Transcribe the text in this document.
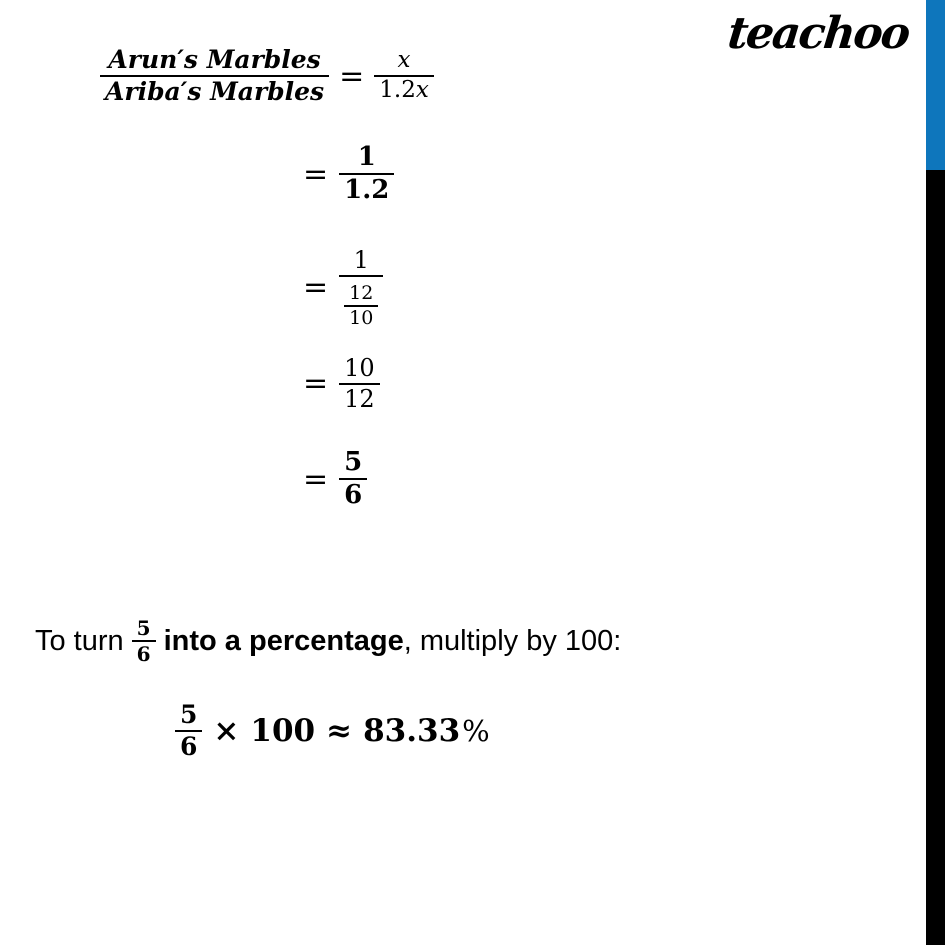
teachoo
$\frac{\text{Arun′s Marbles}}{\text{Ariba′s Marbles}} = \frac{x}{1.2x}$
= $\frac{1}{1.2}$
= $\frac{1}{\frac{12}{10}}$
= $\frac{10}{12}$
= $\frac{5}{6}$
To turn $\frac{5}{6}$ into a percentage , multiply by 100:
$\frac{5}{6} \times 100 \approx 83.33$ %
